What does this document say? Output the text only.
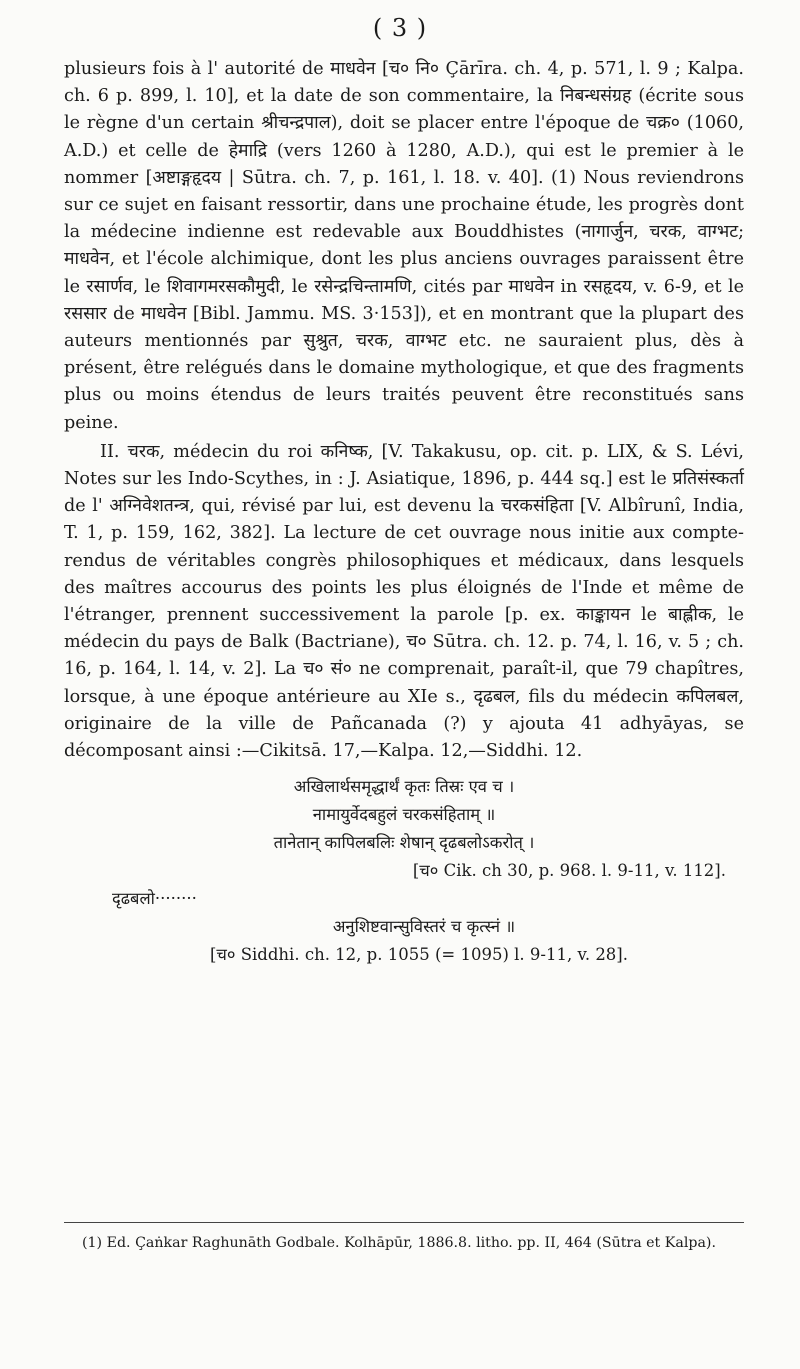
( 3 )

plusieurs fois à l' autorité de माधवेन [च० नि० Çārīra. ch. 4, p. 571, l. 9 ; Kalpa. ch. 6 p. 899, l. 10], et la date de son commentaire, la निबन्धसंग्रह (écrite sous le règne d'un certain श्रीचन्द्रपाल), doit se placer entre l'époque de चक्र० (1060, A.D.) et celle de हेमाद्रि (vers 1260 à 1280, A.D.), qui est le premier à le nommer [अष्टाङ्गहृदय | Sūtra. ch. 7, p. 161, l. 18. v. 40]. (1) Nous reviendrons sur ce sujet en faisant ressortir, dans une prochaine étude, les progrès dont la médecine indienne est redevable aux Bouddhistes (नागार्जुन, चरक, वाग्भट; माधवेन, et l'école alchimique, dont les plus anciens ouvrages paraissent être le रसार्णव, le शिवागमरसकौमुदी, le रसेन्द्रचिन्तामणि, cités par माधवेन in रसहृदय, v. 6-9, et le रससार de माधवेन [Bibl. Jammu. MS. 3·153]), et en montrant que la plupart des auteurs mentionnés par सुश्रुत, चरक, वाग्भट etc. ne sauraient plus, dès à présent, être relégués dans le domaine mythologique, et que des fragments plus ou moins étendus de leurs traités peuvent être reconstitués sans peine.

II. चरक, médecin du roi कनिष्क, [V. Takakusu, op. cit. p. LIX, & S. Lévi, Notes sur les Indo-Scythes, in : J. Asiatique, 1896, p. 444 sq.] est le प्रतिसंस्कर्ता de l' अग्निवेशतन्त्र, qui, révisé par lui, est devenu la चरकसंहिता [V. Albîrunî, India, T. 1, p. 159, 162, 382]. La lecture de cet ouvrage nous initie aux compte-rendus de véritables congrès philosophiques et médicaux, dans lesquels des maîtres accourus des points les plus éloignés de l'Inde et même de l'étranger, prennent successivement la parole [p. ex. काङ्कायन le बाह्लीक, le médecin du pays de Balk (Bactriane), च० Sūtra. ch. 12. p. 74, l. 16, v. 5 ; ch. 16, p. 164, l. 14, v. 2]. La च० सं० ne comprenait, paraît-il, que 79 chapîtres, lorsque, à une époque antérieure au XIe s., दृढबल, fils du médecin कपिलबल, originaire de la ville de Pañcanada (?) y ajouta 41 adhyāyas, se décomposant ainsi :—Cikitsā. 17,—Kalpa. 12,—Siddhi. 12.

अखिलार्थसमृद्धार्थं कृतः तिस्रः एव च ।
नामायुर्वेदबहुलं चरकसंहिताम् ॥
तानेतान् कापिलबलिः शेषान् दृढबलोऽकरोत् ।
[च० Cik. ch 30, p. 968. l. 9-11, v. 112].
दृढबलो········
अनुशिष्टवान्सुविस्तरं च कृत्स्नं ॥
[च० Siddhi. ch. 12, p. 1055 (= 1095) l. 9-11, v. 28].

(1) Ed. Çaṅkar Raghunāth Godbale. Kolhāpūr, 1886.8. litho. pp. II, 464 (Sūtra et Kalpa).
